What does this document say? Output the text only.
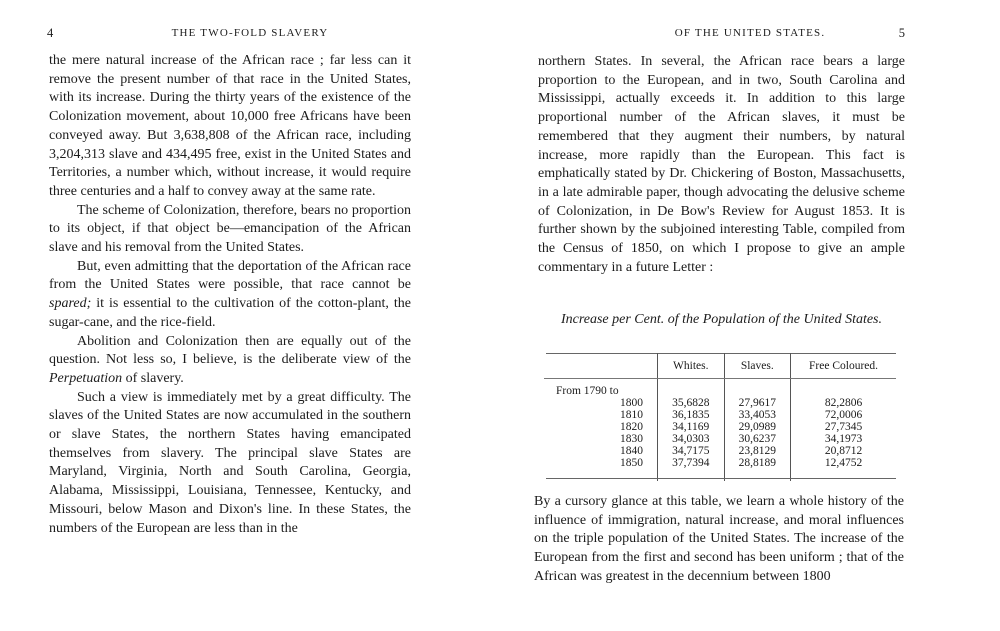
4	THE TWO-FOLD SLAVERY

the mere natural increase of the African race ; far less can it remove the present number of that race in the United States, with its increase. During the thirty years of the existence of the Colonization movement, about 10,000 free Africans have been conveyed away. But 3,638,808 of the African race, including 3,204,313 slave and 434,495 free, exist in the United States and Territories, a number which, without increase, it would require three centuries and a half to convey away at the same rate.

The scheme of Colonization, therefore, bears no proportion to its object, if that object be—emancipation of the African slave and his removal from the United States.

But, even admitting that the deportation of the African race from the United States were possible, that race cannot be spared; it is essential to the cultivation of the cotton-plant, the sugar-cane, and the rice-field.

Abolition and Colonization then are equally out of the question. Not less so, I believe, is the deliberate view of the Perpetuation of slavery.

Such a view is immediately met by a great difficulty. The slaves of the United States are now accumulated in the southern or slave States, the northern States having emancipated themselves from slavery. The principal slave States are Maryland, Virginia, North and South Carolina, Georgia, Alabama, Mississippi, Louisiana, Tennessee, Kentucky, and Missouri, below Mason and Dixon's line. In these States, the numbers of the European are less than in the

OF THE UNITED STATES.	5

northern States. In several, the African race bears a large proportion to the European, and in two, South Carolina and Mississippi, actually exceeds it. In addition to this large proportional number of the African slaves, it must be remembered that they augment their numbers, by natural increase, more rapidly than the European. This fact is emphatically stated by Dr. Chickering of Boston, Massachusetts, in a late admirable paper, though advocating the delusive scheme of Colonization, in De Bow's Review for August 1853. It is further shown by the subjoined interesting Table, compiled from the Census of 1850, on which I propose to give an ample commentary in a future Letter :

Increase per Cent. of the Population of the United States.
	Whites.	Slaves.	Free Coloured.
From 1790 to			
1800	35,6828	27,9617	82,2806
1810	36,1835	33,4053	72,0006
1820	34,1169	29,0989	27,7345
1830	34,0303	30,6237	34,1973
1840	34,7175	23,8129	20,8712
1850	37,7394	28,8189	12,4752

By a cursory glance at this table, we learn a whole history of the influence of immigration, natural increase, and moral influences on the triple population of the United States. The increase of the European from the first and second has been uniform ; that of the African was greatest in the decennium between 1800
